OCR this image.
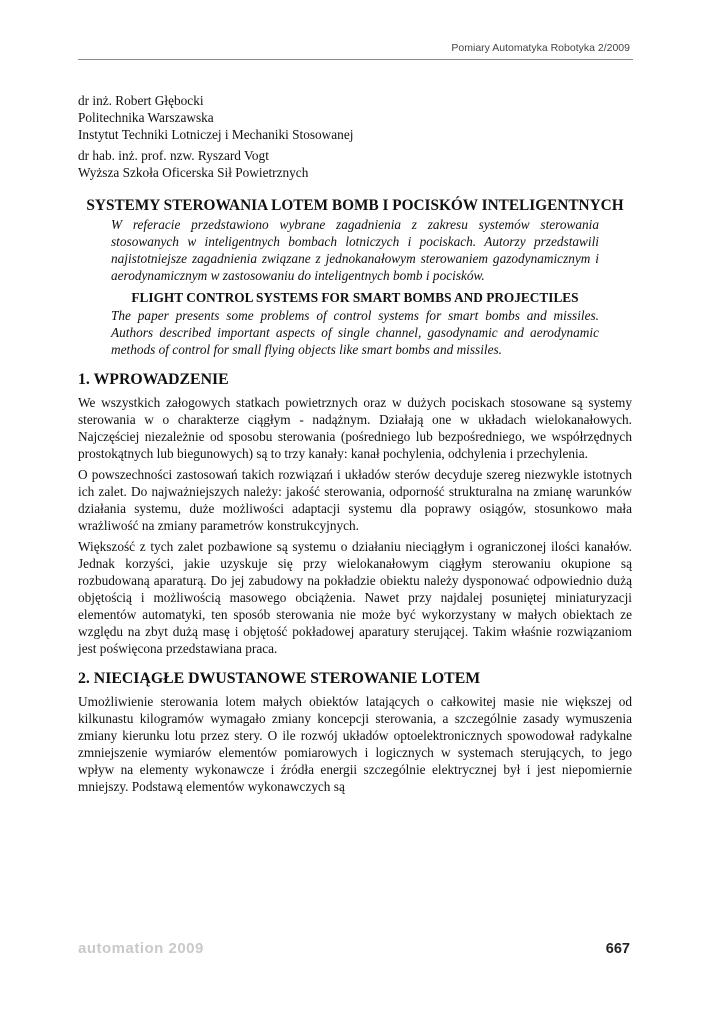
Pomiary Automatyka Robotyka 2/2009
dr inż. Robert Głębocki
Politechnika Warszawska
Instytut Techniki Lotniczej i Mechaniki Stosowanej
dr hab. inż. prof. nzw. Ryszard Vogt
Wyższa Szkoła Oficerska Sił Powietrznych
SYSTEMY STEROWANIA LOTEM BOMB I POCISKÓW INTELIGENTNYCH

W referacie przedstawiono wybrane zagadnienia z zakresu systemów sterowania stosowanych w inteligentnych bombach lotniczych i pociskach. Autorzy przedstawili najistotniejsze zagadnienia związane z jednokanałowym sterowaniem gazodynamicznym i aerodynamicznym w zastosowaniu do inteligentnych bomb i pocisków.

FLIGHT CONTROL SYSTEMS FOR SMART BOMBS AND PROJECTILES

The paper presents some problems of control systems for smart bombs and missiles. Authors described important aspects of single channel, gasodynamic and aerodynamic methods of control for small flying objects like smart bombs and missiles.

1. WPROWADZENIE

We wszystkich załogowych statkach powietrznych oraz w dużych pociskach stosowane są systemy sterowania w o charakterze ciągłym - nadążnym. Działają one w układach wielokanałowych. Najczęściej niezależnie od sposobu sterowania (pośredniego lub bezpośredniego, we współrzędnych prostokątnych lub biegunowych) są to trzy kanały: kanał pochylenia, odchylenia i przechylenia.

O powszechności zastosowań takich rozwiązań i układów sterów decyduje szereg niezwykle istotnych ich zalet. Do najważniejszych należy: jakość sterowania, odporność strukturalna na zmianę warunków działania systemu, duże możliwości adaptacji systemu dla poprawy osiągów, stosunkowo mała wrażliwość na zmiany parametrów konstrukcyjnych.

Większość z tych zalet pozbawione są systemu o działaniu nieciągłym i ograniczonej ilości kanałów. Jednak korzyści, jakie uzyskuje się przy wielokanałowym ciągłym sterowaniu okupione są rozbudowaną aparaturą. Do jej zabudowy na pokładzie obiektu należy dysponować odpowiednio dużą objętością i możliwością masowego obciążenia. Nawet przy najdalej posuniętej miniaturyzacji elementów automatyki, ten sposób sterowania nie może być wykorzystany w małych obiektach ze względu na zbyt dużą masę i objętość pokładowej aparatury sterującej. Takim właśnie rozwiązaniom jest poświęcona przedstawiana praca.

2. NIECIĄGŁE DWUSTANOWE STEROWANIE LOTEM

Umożliwienie sterowania lotem małych obiektów latających o całkowitej masie nie większej od kilkunastu kilogramów wymagało zmiany koncepcji sterowania, a szczególnie zasady wymuszenia zmiany kierunku lotu przez stery. O ile rozwój układów optoelektronicznych spowodował radykalne zmniejszenie wymiarów elementów pomiarowych i logicznych w systemach sterujących, to jego wpływ na elementy wykonawcze i źródła energii szczególnie elektrycznej był i jest niepomiernie mniejszy. Podstawą elementów wykonawczych są

automation 2009	667
